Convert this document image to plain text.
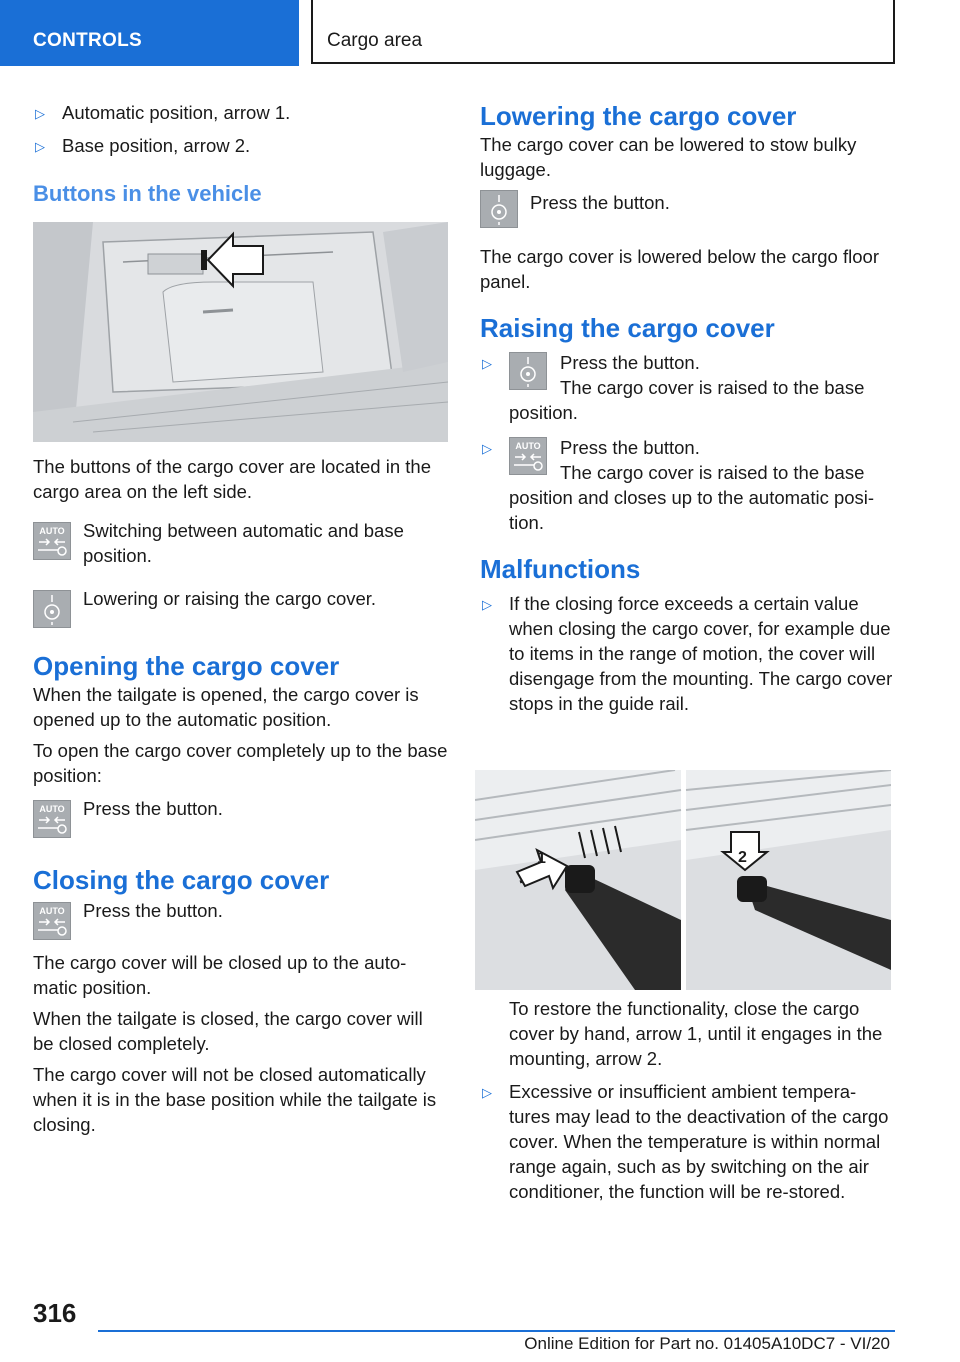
CONTROLS	Cargo area
▷ Automatic position, arrow 1.
▷ Base position, arrow 2.
Buttons in the vehicle

The buttons of the cargo cover are located in the cargo area on the left side.

AUTO Switching between automatic and base position.
Lowering or raising the cargo cover.
Opening the cargo cover

When the tailgate is opened, the cargo cover is opened up to the automatic position.

To open the cargo cover completely up to the base position:

AUTO Press the button.
Closing the cargo cover
AUTO Press the button.

The cargo cover will be closed up to the auto-matic position.

When the tailgate is closed, the cargo cover will be closed completely.

The cargo cover will not be closed automatically when it is in the base position while the tailgate is closing.

Lowering the cargo cover

The cargo cover can be lowered to stow bulky luggage.

Press the button.

The cargo cover is lowered below the cargo floor panel.

Raising the cargo cover
▷	Press the button.
The cargo cover is raised to the base position.
▷	AUTO Press the button.
The cargo cover is raised to the base position and closes up to the automatic posi-tion.
Malfunctions
▷ If the closing force exceeds a certain value when closing the cargo cover, for example due to items in the range of motion, the cover will disengage from the mounting. The cargo cover stops in the guide rail.
1	2

To restore the functionality, close the cargo cover by hand, arrow 1, until it engages in the mounting, arrow 2.

▷ Excessive or insufficient ambient tempera-tures may lead to the deactivation of the cargo cover. When the temperature is within normal range again, such as by switching on the air conditioner, the function will be re-stored.
316
Online Edition for Part no. 01405A10DC7 - VI/20
